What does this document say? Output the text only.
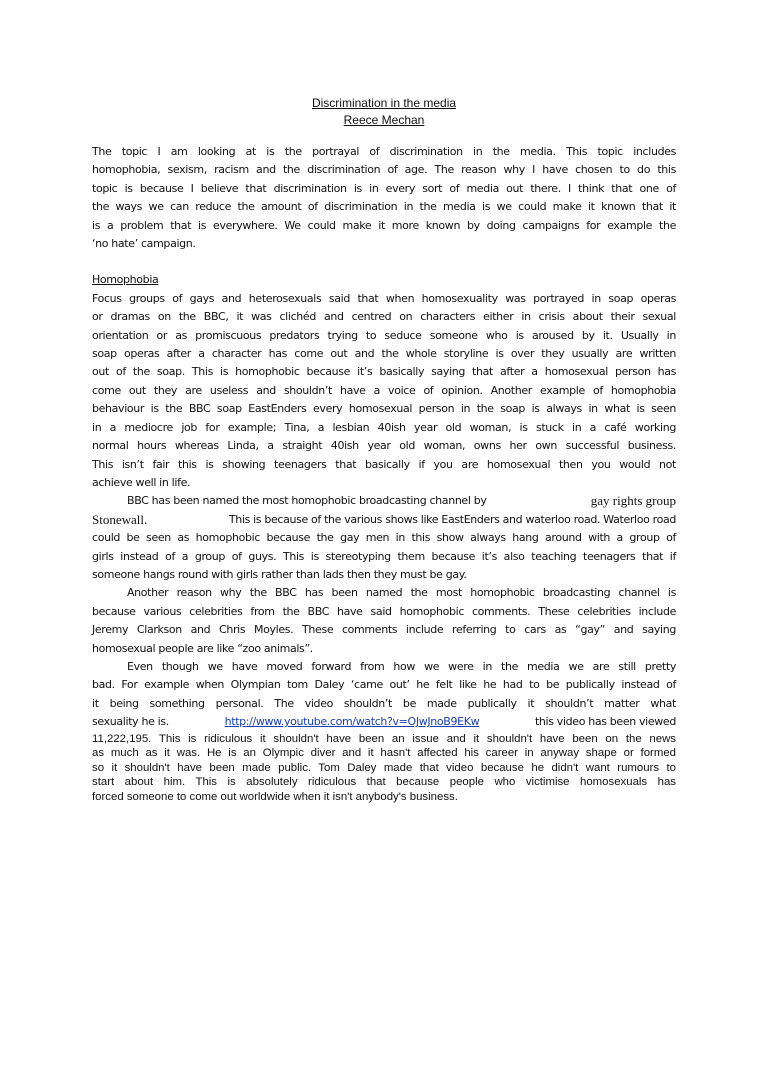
Discrimination in the media
Reece Mechan

The topic I am looking at is the portrayal of discrimination in the media. This topic includes
homophobia, sexism, racism and the discrimination of age. The reason why I have chosen to do this
topic is because I believe that discrimination is in every sort of media out there. I think that one of
the ways we can reduce the amount of discrimination in the media is we could make it known that it
is a problem that is everywhere. We could make it more known by doing campaigns for example the
‘no hate’ campaign.

Homophobia
Focus groups of gays and heterosexuals said that when homosexuality was portrayed in soap operas
or dramas on the BBC, it was clichéd and centred on characters either in crisis about their sexual
orientation or as promiscuous predators trying to seduce someone who is aroused by it. Usually in
soap operas after a character has come out and the whole storyline is over they usually are written
out of the soap. This is homophobic because it’s basically saying that after a homosexual person has
come out they are useless and shouldn’t have a voice of opinion. Another example of homophobia
behaviour is the BBC soap EastEnders every homosexual person in the soap is always in what is seen
in a mediocre job for example; Tina, a lesbian 40ish year old woman, is stuck in a café working
normal hours whereas Linda, a straight 40ish year old woman, owns her own successful business.
This isn’t fair this is showing teenagers that basically if you are homosexual then you would not
achieve well in life.

BBC has been named the most homophobic broadcasting channel by	gay rights group
Stonewall.	This is because of the various shows like EastEnders and waterloo road. Waterloo road
could be seen as homophobic because the gay men in this show always hang around with a group of
girls instead of a group of guys. This is stereotyping them because it’s also teaching teenagers that if
someone hangs round with girls rather than lads then they must be gay.

Another reason why the BBC has been named the most homophobic broadcasting channel is
because various celebrities from the BBC have said homophobic comments. These celebrities include
Jeremy Clarkson and Chris Moyles. These comments include referring to cars as “gay” and saying
homosexual people are like “zoo animals”.

Even though we have moved forward from how we were in the media we are still pretty
bad. For example when Olympian tom Daley ‘came out’ he felt like he had to be publically instead of
it being something personal. The video shouldn’t be made publically it shouldn’t matter what
sexuality he is.	http://www.youtube.com/watch?v=OJwJnoB9EKw	this video has been viewed

11,222,195. This is ridiculous it shouldn't have been an issue and it shouldn't have been on the news
as much as it was. He is an Olympic diver and it hasn't affected his career in anyway shape or formed
so it shouldn't have been made public. Tom Daley made that video because he didn't want rumours to
start about him. This is absolutely ridiculous that because people who victimise homosexuals has
forced someone to come out worldwide when it isn't anybody's business.
